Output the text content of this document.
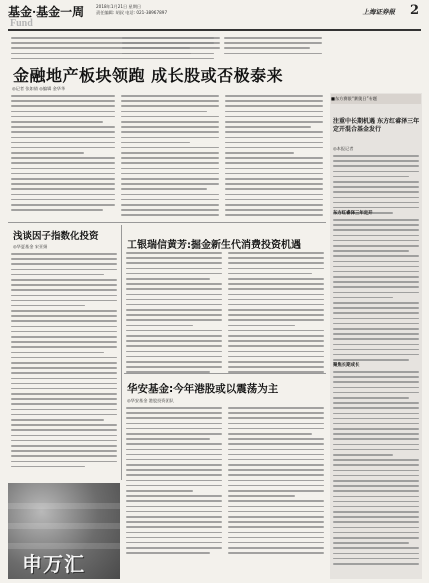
基金·基金一周
Fund
2018年1月21日 星期日
责任编辑: 胡叔 电话: 021-38967897	上海证券报 2
金融地产板块领跑 成长股或否极泰来
◎记者 张如倩 ◎编辑 金华华
浅谈因子指数化投资
◎华夏基金 宋亚娟	工银瑞信黄芳:掘金新生代消费投资机遇
华安基金:今年港股或以震荡为主
◎华安基金 港股投资团队
申万汇
■东方赛银“赛奥日”专题
注重中长期机遇 东方红睿泽三年定开混合基金发行
◎本报记者
东方红睿泽三年定开
聚焦长期成长
